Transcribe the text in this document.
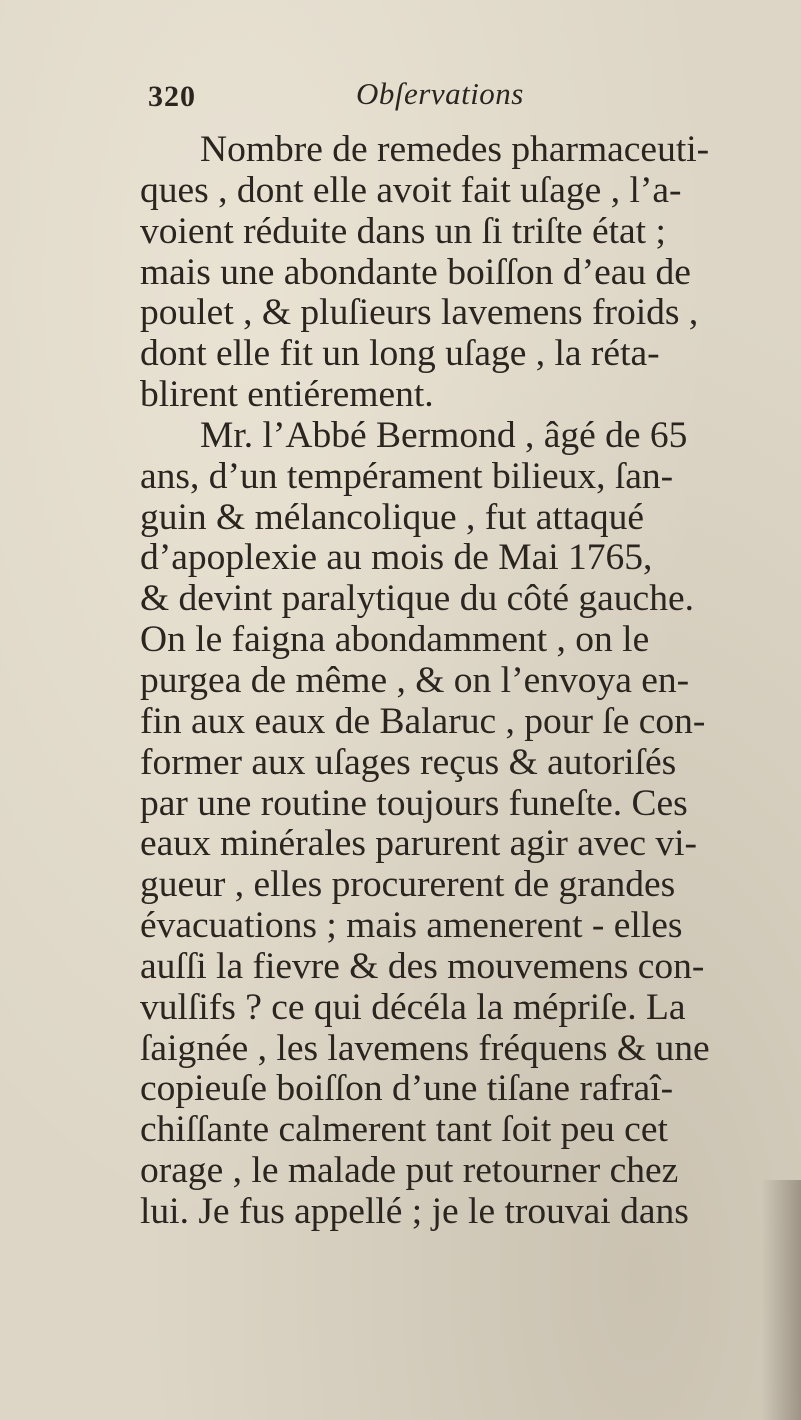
320	Obſervations
Nombre de remedes pharmaceuti-
ques , dont elle avoit fait uſage , l’a-
voient réduite dans un ſi triſte état ;
mais une abondante boiſſon d’eau de
poulet , & pluſieurs lavemens froids ,
dont elle fit un long uſage , la réta-
blirent entiérement.
Mr. l’Abbé Bermond , âgé de 65
ans, d’un tempérament bilieux, ſan-
guin & mélancolique , fut attaqué
d’apoplexie au mois de Mai 1765,
& devint paralytique du côté gauche.
On le faigna abondamment , on le
purgea de même , & on l’envoya en-
fin aux eaux de Balaruc , pour ſe con-
former aux uſages reçus & autoriſés
par une routine toujours funeſte. Ces
eaux minérales parurent agir avec vi-
gueur , elles procurerent de grandes
évacuations ; mais amenerent - elles
auſſi la fievre & des mouvemens con-
vulſifs ? ce qui décéla la mépriſe. La
ſaignée , les lavemens fréquens & une
copieuſe boiſſon d’une tiſane rafraî-
chiſſante calmerent tant ſoit peu cet
orage , le malade put retourner chez
lui. Je fus appellé ; je le trouvai dans
